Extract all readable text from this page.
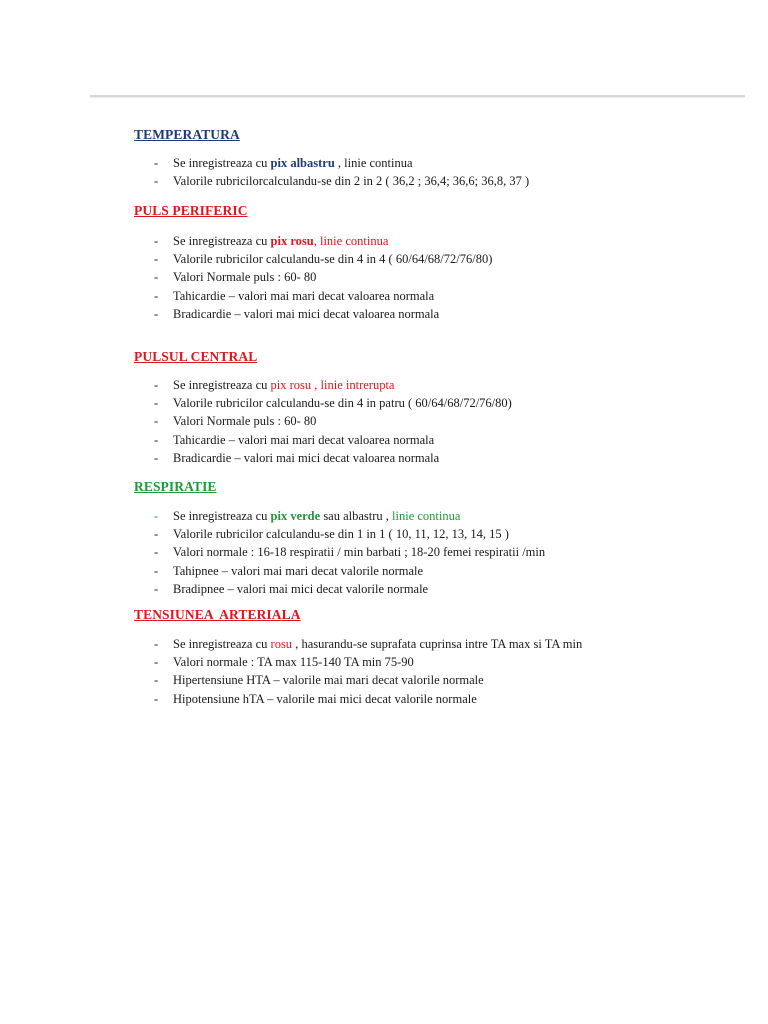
TEMPERATURA

- Se inregistreaza cu pix albastru , linie continua
- Valorile rubricilorcalculandu-se din 2 in 2 ( 36,2 ; 36,4; 36,6; 36,8, 37 )

PULS PERIFERIC

- Se inregistreaza cu pix rosu, linie continua
- Valorile rubricilor calculandu-se din 4 in 4 ( 60/64/68/72/76/80)
- Valori Normale puls : 60- 80
- Tahicardie – valori mai mari decat valoarea normala
- Bradicardie – valori mai mici decat valoarea normala

PULSUL CENTRAL

- Se inregistreaza cu pix rosu , linie intrerupta
- Valorile rubricilor calculandu-se din 4 in patru ( 60/64/68/72/76/80)
- Valori Normale puls : 60- 80
- Tahicardie – valori mai mari decat valoarea normala
- Bradicardie – valori mai mici decat valoarea normala

RESPIRATIE

- Se inregistreaza cu pix verde sau albastru , linie continua
- Valorile rubricilor calculandu-se din 1 in 1 ( 10, 11, 12, 13, 14, 15 )
- Valori normale : 16-18 respiratii / min barbati ; 18-20 femei respiratii /min
- Tahipnee – valori mai mari decat valorile normale
- Bradipnee – valori mai mici decat valorile normale

TENSIUNEA  ARTERIALA

- Se inregistreaza cu rosu , hasurandu-se suprafata cuprinsa intre TA max si TA min
- Valori normale : TA max 115-140 TA min 75-90
- Hipertensiune HTA – valorile mai mari decat valorile normale
- Hipotensiune hTA – valorile mai mici decat valorile normale
